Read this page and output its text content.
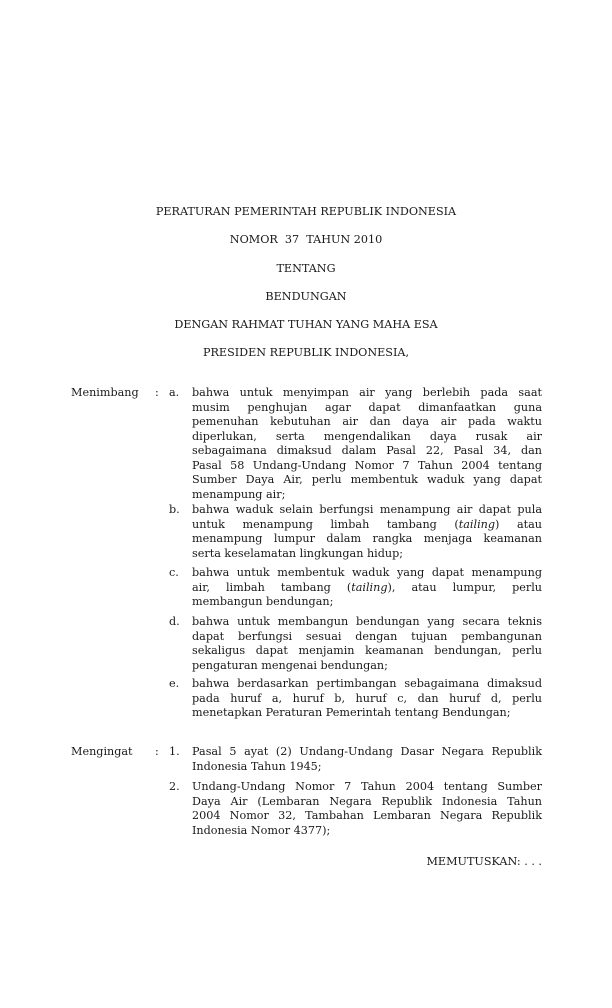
PERATURAN PEMERINTAH REPUBLIK INDONESIA
NOMOR  37  TAHUN 2010
TENTANG
BENDUNGAN
DENGAN RAHMAT TUHAN YANG MAHA ESA
PRESIDEN REPUBLIK INDONESIA,
Menimbang : a. bahwa untuk menyimpan air yang berlebih pada saat
musim penghujan agar dapat dimanfaatkan guna
pemenuhan kebutuhan air dan daya air pada waktu
diperlukan, serta mengendalikan daya rusak air
sebagaimana dimaksud dalam Pasal 22, Pasal 34, dan
Pasal 58 Undang-Undang Nomor 7 Tahun 2004 tentang
Sumber Daya Air, perlu membentuk waduk yang dapat
menampung air;
b. bahwa waduk selain berfungsi menampung air dapat pula
untuk menampung limbah tambang (tailing) atau
menampung lumpur dalam rangka menjaga keamanan
serta keselamatan lingkungan hidup;
c. bahwa untuk membentuk waduk yang dapat menampung
air, limbah tambang (tailing), atau lumpur, perlu
membangun bendungan;
d. bahwa untuk membangun bendungan yang secara teknis
dapat berfungsi sesuai dengan tujuan pembangunan
sekaligus dapat menjamin keamanan bendungan, perlu
pengaturan mengenai bendungan;
e. bahwa berdasarkan pertimbangan sebagaimana dimaksud
pada huruf a, huruf b, huruf c, dan huruf d, perlu
menetapkan Peraturan Pemerintah tentang Bendungan;
Mengingat : 1. Pasal 5 ayat (2) Undang-Undang Dasar Negara Republik
Indonesia Tahun 1945;
2. Undang-Undang Nomor 7 Tahun 2004 tentang Sumber
Daya Air (Lembaran Negara Republik Indonesia Tahun
2004 Nomor 32, Tambahan Lembaran Negara Republik
Indonesia Nomor 4377);
MEMUTUSKAN: . . .
